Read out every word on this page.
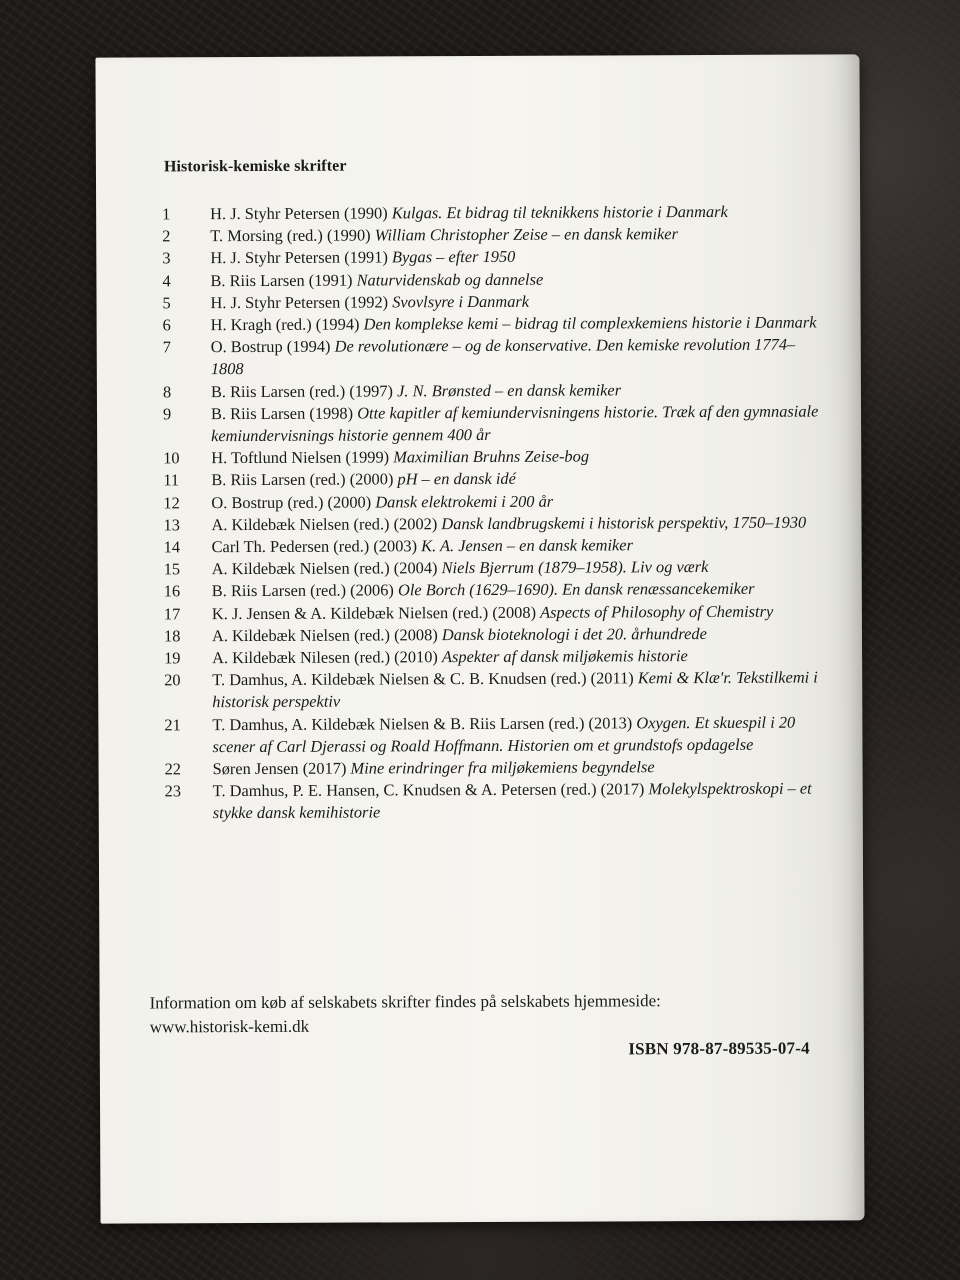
Historisk-kemiske skrifter
1	H. J. Styhr Petersen (1990) Kulgas. Et bidrag til teknikkens historie i Danmark
2	T. Morsing (red.) (1990) William Christopher Zeise – en dansk kemiker
3	H. J. Styhr Petersen (1991) Bygas – efter 1950
4	B. Riis Larsen (1991) Naturvidenskab og dannelse
5	H. J. Styhr Petersen (1992) Svovlsyre i Danmark
6	H. Kragh (red.) (1994) Den komplekse kemi – bidrag til complexkemiens historie i Danmark
7	O. Bostrup (1994) De revolutionære – og de konservative. Den kemiske revolution 1774–1808
8	B. Riis Larsen (red.) (1997) J. N. Brønsted – en dansk kemiker
9	B. Riis Larsen (1998) Otte kapitler af kemiundervisningens historie. Træk af den gymnasiale kemiundervisnings historie gennem 400 år
10	H. Toftlund Nielsen (1999) Maximilian Bruhns Zeise-bog
11	B. Riis Larsen (red.) (2000) pH – en dansk idé
12	O. Bostrup (red.) (2000) Dansk elektrokemi i 200 år
13	A. Kildebæk Nielsen (red.) (2002) Dansk landbrugskemi i historisk perspektiv, 1750–1930
14	Carl Th. Pedersen (red.) (2003) K. A. Jensen – en dansk kemiker
15	A. Kildebæk Nielsen (red.) (2004) Niels Bjerrum (1879–1958). Liv og værk
16	B. Riis Larsen (red.) (2006) Ole Borch (1629–1690). En dansk renæssancekemiker
17	K. J. Jensen & A. Kildebæk Nielsen (red.) (2008) Aspects of Philosophy of Chemistry
18	A. Kildebæk Nielsen (red.) (2008) Dansk bioteknologi i det 20. århundrede
19	A. Kildebæk Nilesen (red.) (2010) Aspekter af dansk miljøkemis historie
20	T. Damhus, A. Kildebæk Nielsen & C. B. Knudsen (red.) (2011) Kemi & Klæ'r. Tekstilkemi i historisk perspektiv
21	T. Damhus, A. Kildebæk Nielsen & B. Riis Larsen (red.) (2013) Oxygen. Et skuespil i 20 scener af Carl Djerassi og Roald Hoffmann. Historien om et grundstofs opdagelse
22	Søren Jensen (2017) Mine erindringer fra miljøkemiens begyndelse
23	T. Damhus, P. E. Hansen, C. Knudsen & A. Petersen (red.) (2017) Molekylspektroskopi – et stykke dansk kemihistorie
Information om køb af selskabets skrifter findes på selskabets hjemmeside:
www.historisk-kemi.dk
ISBN 978-87-89535-07-4
